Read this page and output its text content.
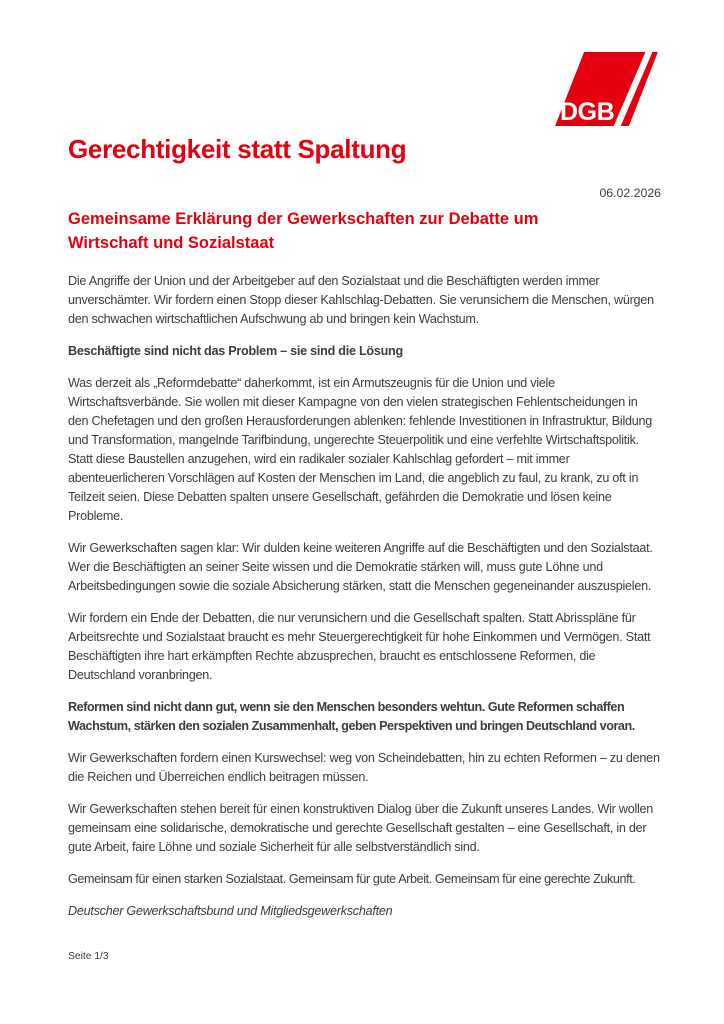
DGB
Gerechtigkeit statt Spaltung
06.02.2026
Gemeinsame Erklärung der Gewerkschaften zur Debatte um Wirtschaft und Sozialstaat

Die Angriffe der Union und der Arbeitgeber auf den Sozialstaat und die Beschäftigten werden immer unverschämter. Wir fordern einen Stopp dieser Kahlschlag-Debatten. Sie verunsichern die Menschen, würgen den schwachen wirtschaftlichen Aufschwung ab und bringen kein Wachstum.

Beschäftigte sind nicht das Problem – sie sind die Lösung

Was derzeit als „Reformdebatte“ daherkommt, ist ein Armutszeugnis für die Union und viele Wirtschaftsverbände. Sie wollen mit dieser Kampagne von den vielen strategischen Fehlentscheidungen in den Chefetagen und den großen Herausforderungen ablenken: fehlende Investitionen in Infrastruktur, Bildung und Transformation, mangelnde Tarifbindung, ungerechte Steuerpolitik und eine verfehlte Wirtschaftspolitik. Statt diese Baustellen anzugehen, wird ein radikaler sozialer Kahlschlag gefordert – mit immer abenteuerlicheren Vorschlägen auf Kosten der Menschen im Land, die angeblich zu faul, zu krank, zu oft in Teilzeit seien. Diese Debatten spalten unsere Gesellschaft, gefährden die Demokratie und lösen keine Probleme.

Wir Gewerkschaften sagen klar: Wir dulden keine weiteren Angriffe auf die Beschäftigten und den Sozialstaat. Wer die Beschäftigten an seiner Seite wissen und die Demokratie stärken will, muss gute Löhne und Arbeitsbedingungen sowie die soziale Absicherung stärken, statt die Menschen gegeneinander auszuspielen.

Wir fordern ein Ende der Debatten, die nur verunsichern und die Gesellschaft spalten. Statt Abrisspläne für Arbeitsrechte und Sozialstaat braucht es mehr Steuergerechtigkeit für hohe Einkommen und Vermögen. Statt Beschäftigten ihre hart erkämpften Rechte abzusprechen, braucht es entschlossene Reformen, die Deutschland voranbringen.

Reformen sind nicht dann gut, wenn sie den Menschen besonders wehtun. Gute Reformen schaffen Wachstum, stärken den sozialen Zusammenhalt, geben Perspektiven und bringen Deutschland voran.

Wir Gewerkschaften fordern einen Kurswechsel: weg von Scheindebatten, hin zu echten Reformen – zu denen die Reichen und Überreichen endlich beitragen müssen.

Wir Gewerkschaften stehen bereit für einen konstruktiven Dialog über die Zukunft unseres Landes. Wir wollen gemeinsam eine solidarische, demokratische und gerechte Gesellschaft gestalten – eine Gesellschaft, in der gute Arbeit, faire Löhne und soziale Sicherheit für alle selbstverständlich sind.

Gemeinsam für einen starken Sozialstaat. Gemeinsam für gute Arbeit. Gemeinsam für eine gerechte Zukunft.

Deutscher Gewerkschaftsbund und Mitgliedsgewerkschaften

Seite 1/3
